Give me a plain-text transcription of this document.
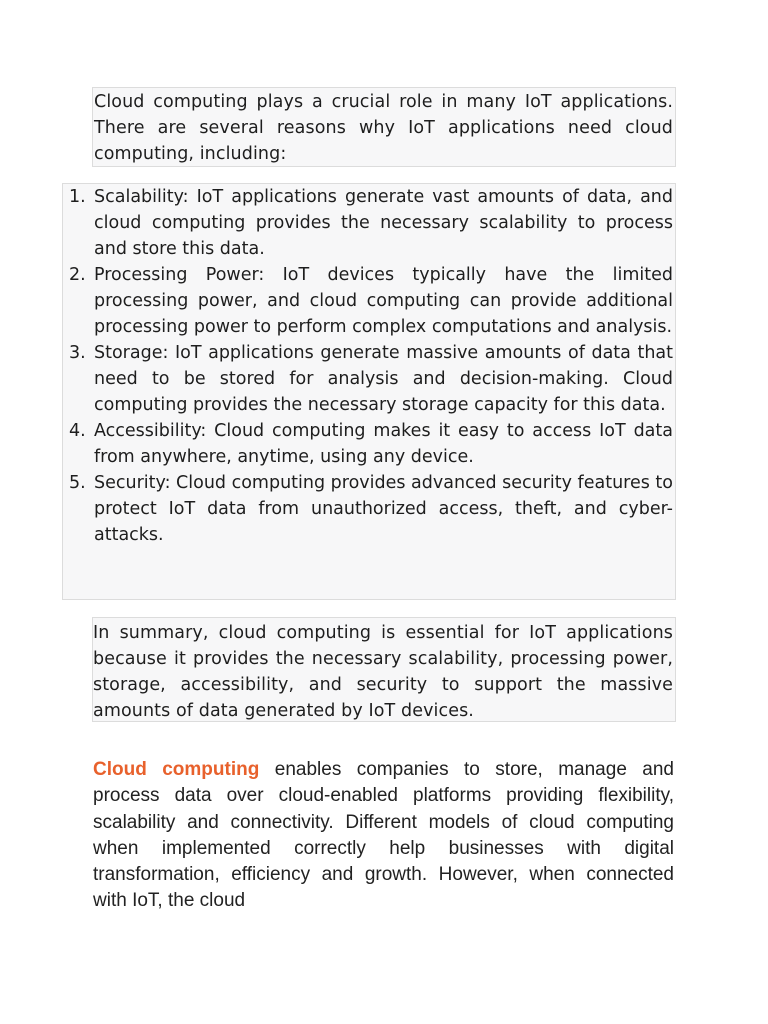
Cloud computing plays a crucial role in many IoT applications. There are several reasons why IoT applications need cloud computing, including:

1. Scalability: IoT applications generate vast amounts of data, and cloud computing provides the necessary scalability to process and store this data.
2. Processing Power: IoT devices typically have the limited processing power, and cloud computing can provide additional processing power to perform complex computations and analysis.
3. Storage: IoT applications generate massive amounts of data that need to be stored for analysis and decision-making. Cloud computing provides the necessary storage capacity for this data.
4. Accessibility: Cloud computing makes it easy to access IoT data from anywhere, anytime, using any device.
5. Security: Cloud computing provides advanced security features to protect IoT data from unauthorized access, theft, and cyber-attacks.

In summary, cloud computing is essential for IoT applications because it provides the necessary scalability, processing power, storage, accessibility, and security to support the massive amounts of data generated by IoT devices.

Cloud computing enables companies to store, manage and process data over cloud-enabled platforms providing flexibility, scalability and connectivity. Different models of cloud computing when implemented correctly help businesses with digital transformation, efficiency and growth. However, when connected with IoT, the cloud
